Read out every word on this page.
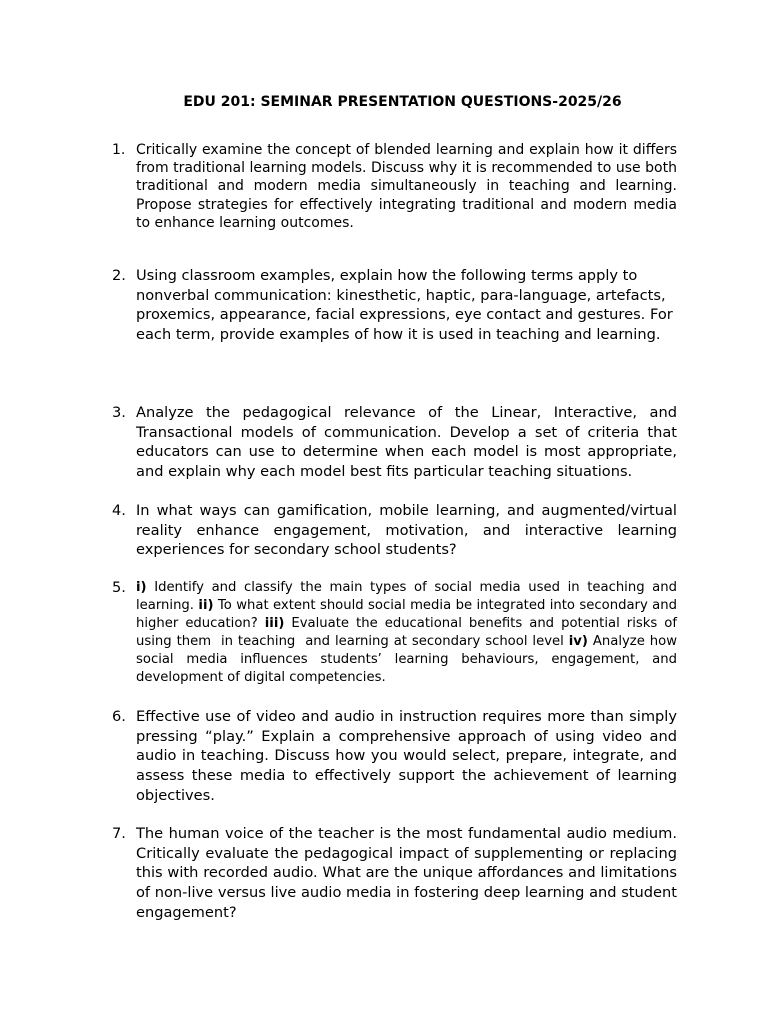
EDU 201: SEMINAR PRESENTATION QUESTIONS-2025/26
1. Critically examine the concept of blended learning and explain how it differs from traditional learning models. Discuss why it is recommended to use both traditional and modern media simultaneously in teaching and learning. Propose strategies for effectively integrating traditional and modern media to enhance learning outcomes.
2. Using classroom examples, explain how the following terms apply to nonverbal communication: kinesthetic, haptic, para-language, artefacts, proxemics, appearance, facial expressions, eye contact and gestures. For each term, provide examples of how it is used in teaching and learning.
3. Analyze the pedagogical relevance of the Linear, Interactive, and Transactional models of communication. Develop a set of criteria that educators can use to determine when each model is most appropriate, and explain why each model best fits particular teaching situations.
4. In what ways can gamification, mobile learning, and augmented/virtual reality enhance engagement, motivation, and interactive learning experiences for secondary school students?
5. i) Identify and classify the main types of social media used in teaching and learning. ii) To what extent should social media be integrated into secondary and higher education? iii) Evaluate the educational benefits and potential risks of using them  in teaching  and learning at secondary school level iv) Analyze how social media influences students’ learning behaviours, engagement, and development of digital competencies.
6. Effective use of video and audio in instruction requires more than simply pressing “play.” Explain a comprehensive approach of using video and audio in teaching. Discuss how you would select, prepare, integrate, and assess these media to effectively support the achievement of learning objectives.
7. The human voice of the teacher is the most fundamental audio medium. Critically evaluate the pedagogical impact of supplementing or replacing this with recorded audio. What are the unique affordances and limitations of non-live versus live audio media in fostering deep learning and student engagement?
